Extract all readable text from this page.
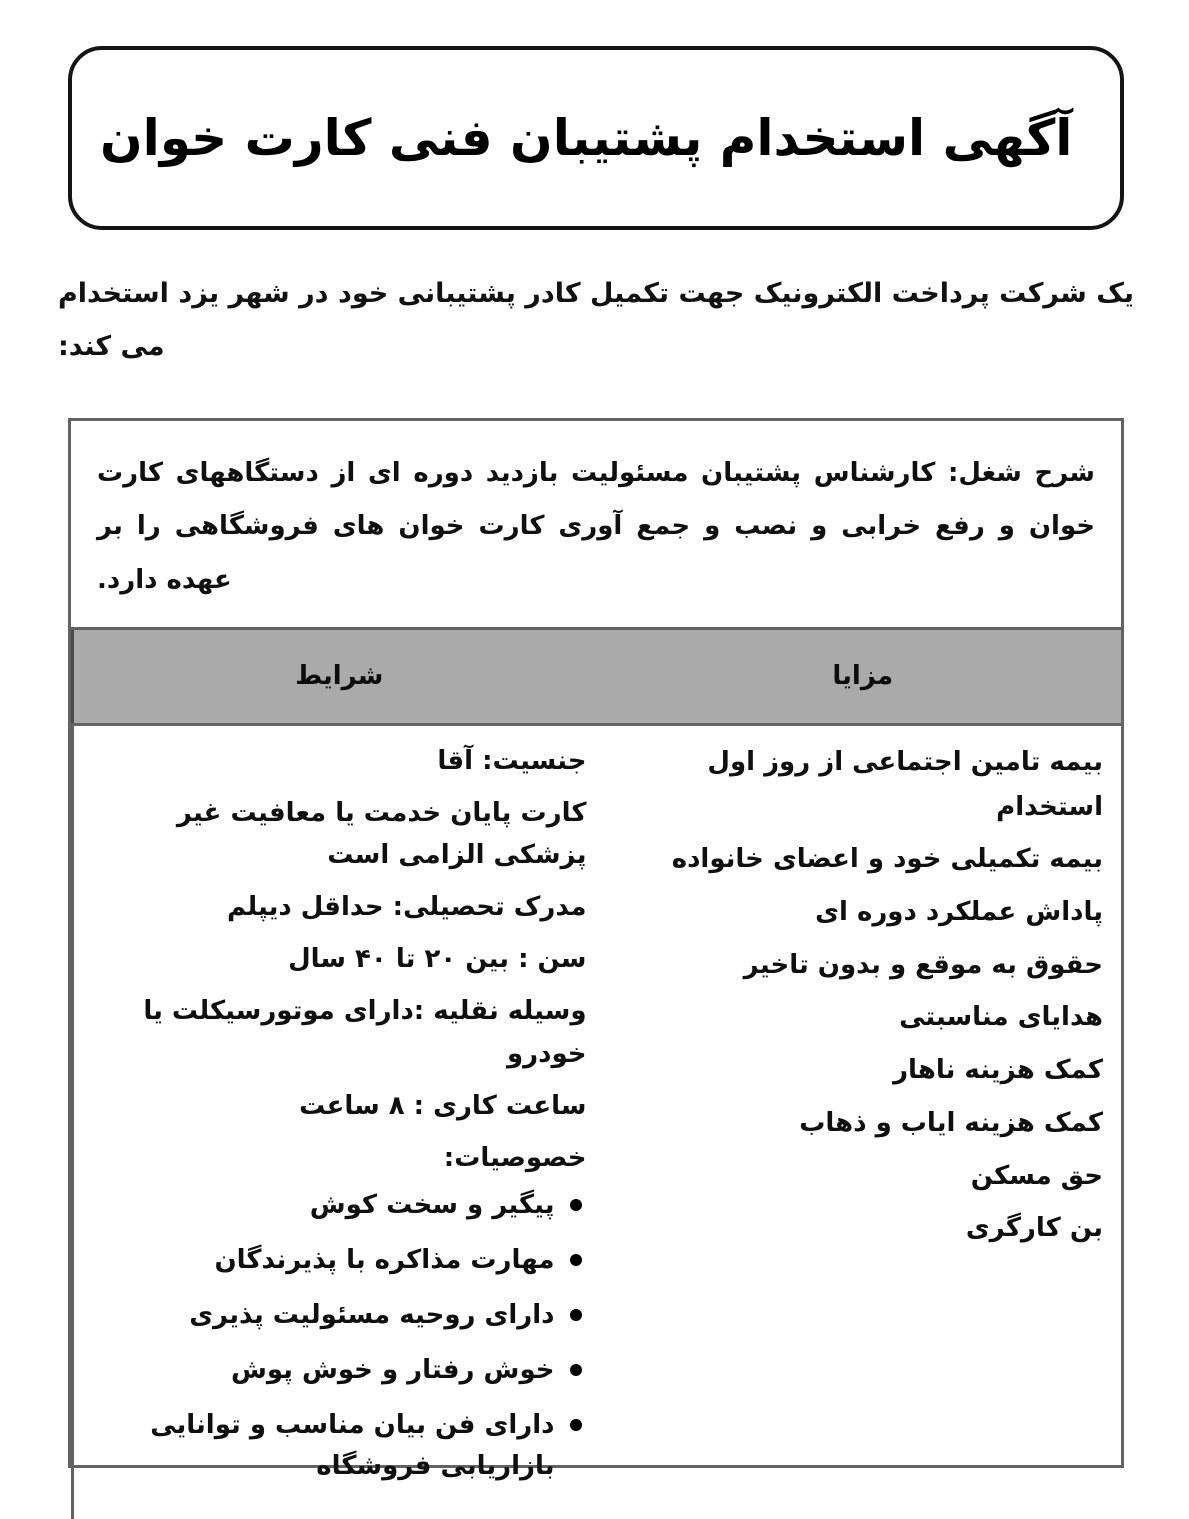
آگهی استخدام پشتیبان فنی کارت خوان
یک شرکت پرداخت الکترونیک جهت تکمیل کادر پشتیبانی خود در شهر یزد استخدام می کند:
شرح شغل: کارشناس پشتیبان مسئولیت بازدید دوره ای از دستگاههای کارت خوان و رفع خرابی و نصب و جمع آوری کارت خوان های فروشگاهی را بر عهده دارد.
مزایا
شرایط
بیمه تامین اجتماعی از روز اول استخدام
بیمه تکمیلی خود و اعضای خانواده
پاداش عملکرد دوره ای
حقوق به موقع و بدون تاخیر
هدایای مناسبتی
کمک هزینه ناهار
کمک هزینه ایاب و ذهاب
حق مسکن
بن کارگری
جنسیت: آقا
کارت پایان خدمت یا معافیت غیر پزشکی الزامی است
مدرک تحصیلی: حداقل دیپلم
سن : بین ۲۰ تا ۴۰ سال
وسیله نقلیه :دارای موتورسیکلت یا خودرو
ساعت کاری : ۸ ساعت
خصوصیات:
پیگیر و سخت کوش
مهارت مذاکره با پذیرندگان
دارای روحیه مسئولیت پذیری
خوش رفتار و خوش پوش
دارای فن بیان مناسب و توانایی بازاریابی فروشگاه
